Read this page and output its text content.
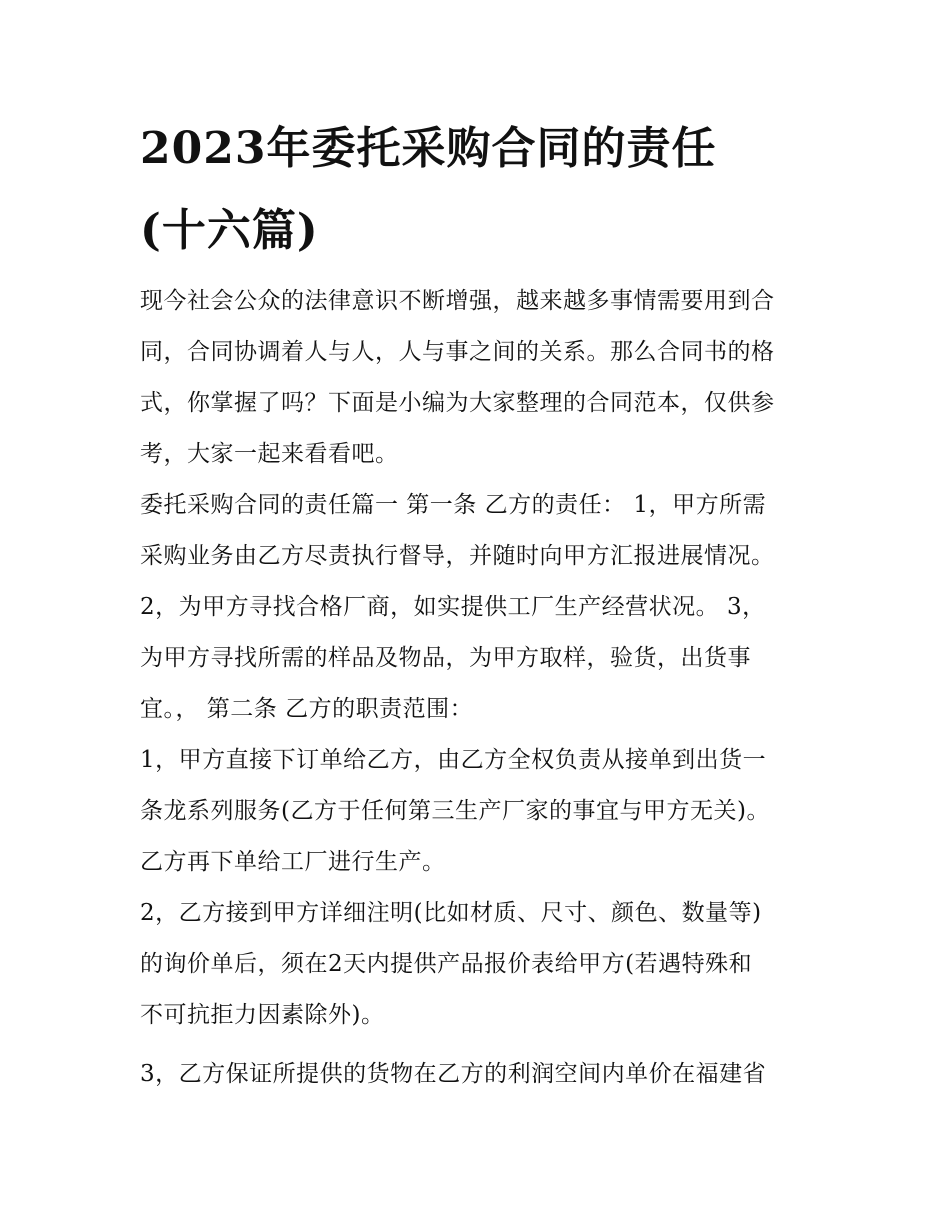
2023年委托采购合同的责任
(十六篇)

现今社会公众的法律意识不断增强，越来越多事情需要用到合
同，合同协调着人与人，人与事之间的关系。那么合同书的格
式，你掌握了吗？下面是小编为大家整理的合同范本，仅供参
考，大家一起来看看吧。

委托采购合同的责任篇一 第一条 乙方的责任： 1，甲方所需
采购业务由乙方尽责执行督导，并随时向甲方汇报进展情况。
2，为甲方寻找合格厂商，如实提供工厂生产经营状况。 3，
为甲方寻找所需的样品及物品，为甲方取样，验货，出货事
宜。， 第二条 乙方的职责范围：

1，甲方直接下订单给乙方，由乙方全权负责从接单到出货一
条龙系列服务(乙方于任何第三生产厂家的事宜与甲方无关)。
乙方再下单给工厂进行生产。

2，乙方接到甲方详细注明(比如材质、尺寸、颜色、数量等)
的询价单后，须在2天内提供产品报价表给甲方(若遇特殊和
不可抗拒力因素除外)。

3，乙方保证所提供的货物在乙方的利润空间内单价在福建省
